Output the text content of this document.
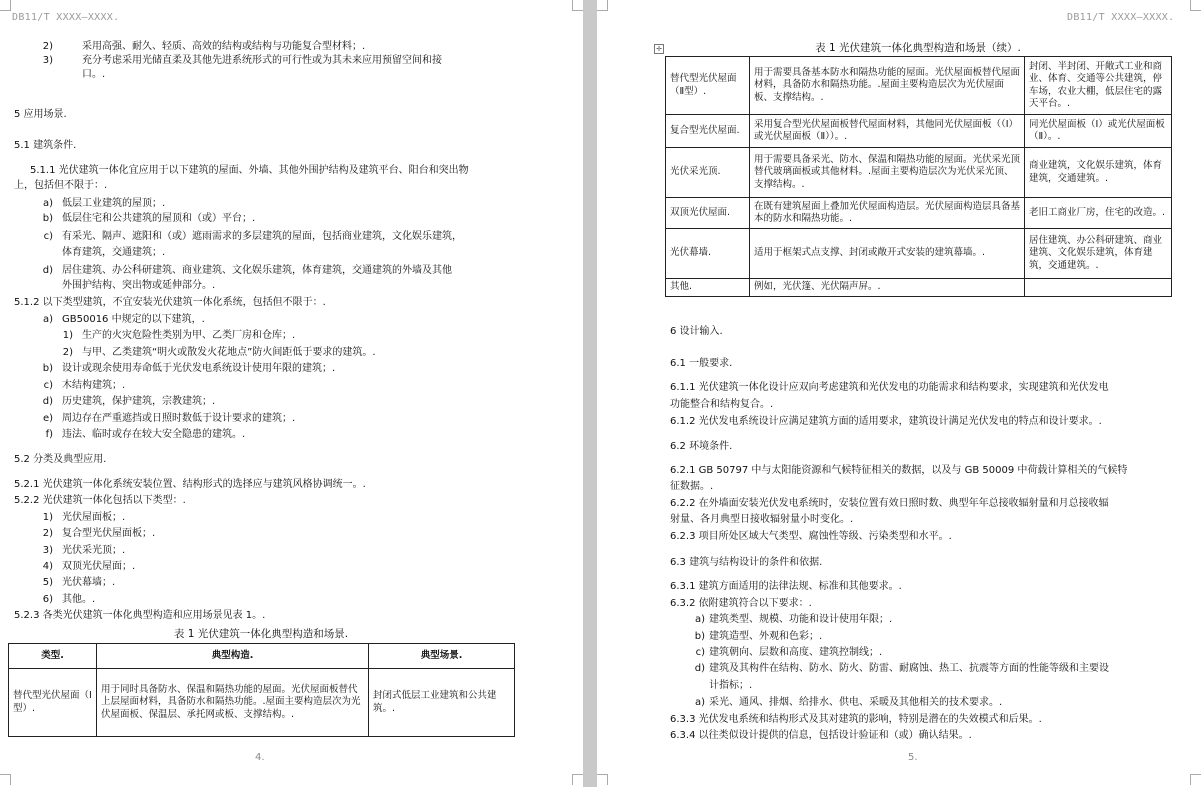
DB11/T XXXX—XXXX.
2)	采用高强、耐久、轻质、高效的结构或结构与功能复合型材料；.
3)	充分考虑采用光储直柔及其他先进系统形式的可行性或为其未来应用预留空间和接
口。.
5 应用场景.
5.1 建筑条件.
5.1.1 光伏建筑一体化宜应用于以下建筑的屋面、外墙、其他外围护结构及建筑平台、阳台和突出物
上，包括但不限于：.
a) 低层工业建筑的屋顶；.
b) 低层住宅和公共建筑的屋顶和（或）平台；.
c) 有采光、隔声、遮阳和（或）遮雨需求的多层建筑的屋面，包括商业建筑，文化娱乐建筑，
体育建筑，交通建筑；.
d) 居住建筑、办公科研建筑、商业建筑、文化娱乐建筑，体育建筑，交通建筑的外墙及其他
外围护结构、突出物或延伸部分。.
5.1.2 以下类型建筑，不宜安装光伏建筑一体化系统，包括但不限于：.
a) GB50016 中规定的以下建筑，.
1) 生产的火灾危险性类别为甲、乙类厂房和仓库；.
2) 与甲、乙类建筑“明火或散发火花地点”防火间距低于要求的建筑。.
b) 设计或现余使用寿命低于光伏发电系统设计使用年限的建筑；.
c) 木结构建筑；.
d) 历史建筑，保护建筑，宗教建筑；.
e) 周边存在严重遮挡或日照时数低于设计要求的建筑；.
f) 违法、临时或存在较大安全隐患的建筑。.
5.2 分类及典型应用.
5.2.1 光伏建筑一体化系统安装位置、结构形式的选择应与建筑风格协调统一。.
5.2.2 光伏建筑一体化包括以下类型：.
1) 光伏屋面板；.
2) 复合型光伏屋面板；.
3) 光伏采光顶；.
4) 双顶光伏屋面；.
5) 光伏幕墙；.
6) 其他。.
5.2.3 各类光伏建筑一体化典型构造和应用场景见表 1。.
表 1 光伏建筑一体化典型构造和场景.
类型.	典型构造.	典型场景.
替代型光伏屋面（Ⅰ型）.	用于同时具备防水、保温和隔热功能的屋面。光伏屋面板替代上层屋面材料，具备防水和隔热功能。.屋面主要构造层次为光伏屋面板、保温层、承托网或板、支撑结构。.	封闭式低层工业建筑和公共建筑。.
4.
DB11/T XXXX—XXXX.
✛	表 1 光伏建筑一体化典型构造和场景（续）.
替代型光伏屋面（Ⅱ型）.	用于需要具备基本防水和隔热功能的屋面。光伏屋面板替代屋面材料，具备防水和隔热功能。.屋面主要构造层次为光伏屋面板、支撑结构。.	封闭、半封闭、开敞式工业和商业、体育、交通等公共建筑，停车场，农业大棚，低层住宅的露天平台。.
复合型光伏屋面.	采用复合型光伏屋面板替代屋面材料，其他同光伏屋面板（（Ⅰ）或光伏屋面板（Ⅱ））。.	同光伏屋面板（Ⅰ）或光伏屋面板（Ⅱ）。.
光伏采光顶.	用于需要具备采光、防水、保温和隔热功能的屋面。光伏采光顶替代玻璃面板或其他材料。.屋面主要构造层次为光伏采光顶、支撑结构。.	商业建筑，文化娱乐建筑，体育建筑，交通建筑。.
双顶光伏屋面.	在既有建筑屋面上叠加光伏屋面构造层。光伏屋面构造层具备基本的防水和隔热功能。.	老旧工商业厂房，住宅的改造。.
光伏幕墙.	适用于框架式点支撑、封闭或敞开式安装的建筑幕墙。.	居住建筑、办公科研建筑、商业建筑、文化娱乐建筑，体育建筑，交通建筑。.
其他.	例如，光伏篷、光伏隔声屏。.	
6 设计输入.
6.1 一般要求.
6.1.1 光伏建筑一体化设计应双向考虑建筑和光伏发电的功能需求和结构要求，实现建筑和光伏发电
功能整合和结构复合。.
6.1.2 光伏发电系统设计应满足建筑方面的适用要求，建筑设计满足光伏发电的特点和设计要求。.
6.2 环境条件.
6.2.1 GB 50797 中与太阳能资源和气候特征相关的数据，以及与 GB 50009 中荷载计算相关的气候特
征数据。.
6.2.2 在外墙面安装光伏发电系统时，安装位置有效日照时数、典型年年总接收辐射量和月总接收辐
射量、各月典型日接收辐射量小时变化。.
6.2.3 项目所处区域大气类型、腐蚀性等级、污染类型和水平。.
6.3 建筑与结构设计的条件和依据.
6.3.1 建筑方面适用的法律法规、标准和其他要求。.
6.3.2 依附建筑符合以下要求：.
a) 建筑类型、规模、功能和设计使用年限；.
b) 建筑造型、外观和色彩；.
c) 建筑朝向、层数和高度、建筑控制线；.
d) 建筑及其构件在结构、防水、防火、防雷、耐腐蚀、热工、抗震等方面的性能等级和主要设
计指标；.
a) 采光、通风、排烟、给排水、供电、采暖及其他相关的技术要求。.
6.3.3 光伏发电系统和结构形式及其对建筑的影响，特别是潜在的失效模式和后果。.
6.3.4 以往类似设计提供的信息，包括设计验证和（或）确认结果。.
5.
